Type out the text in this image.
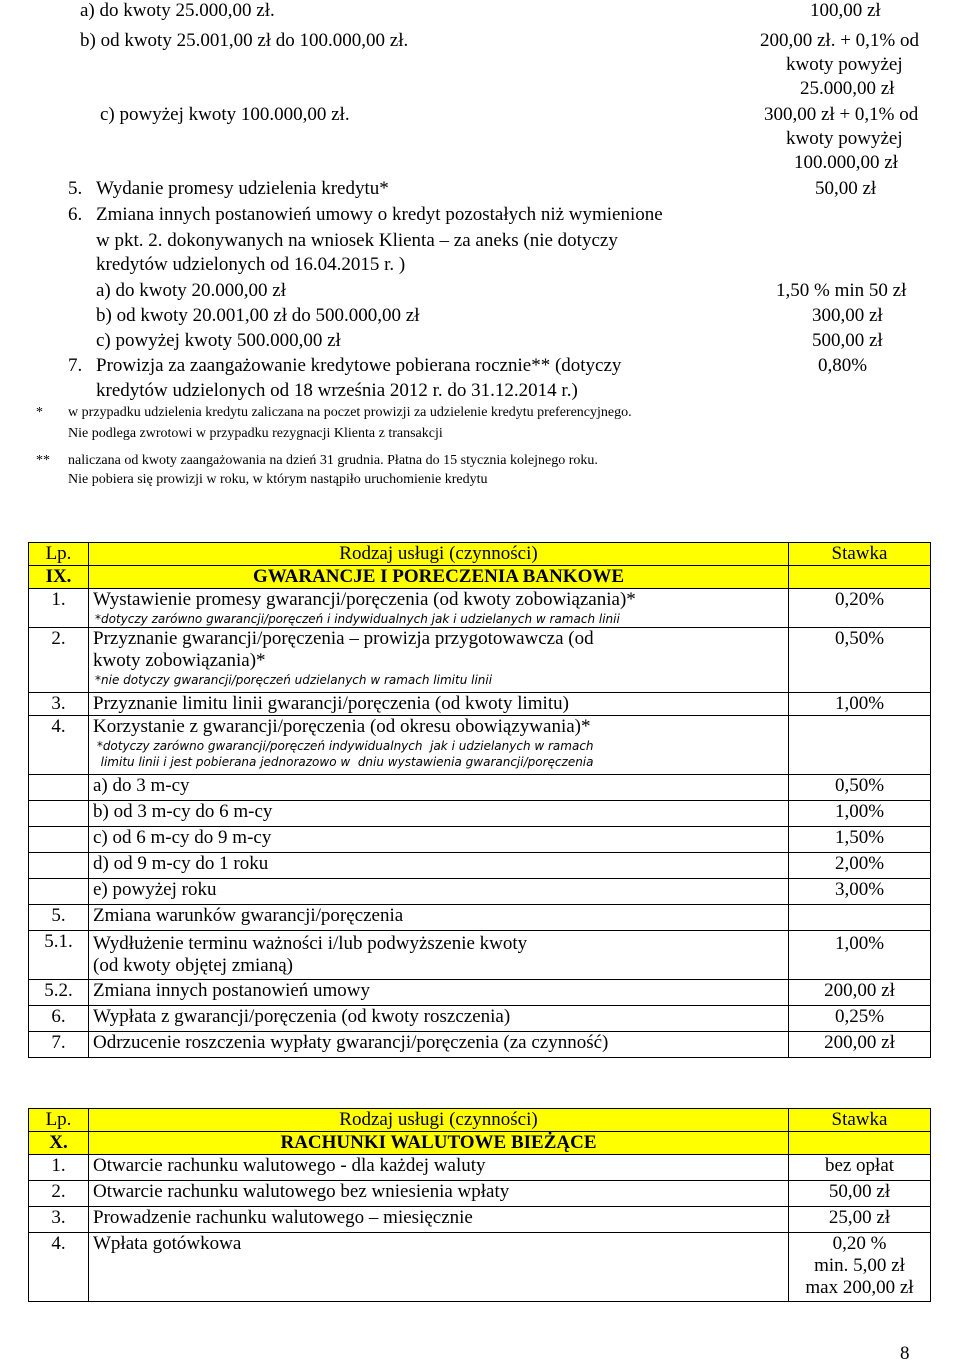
a) do kwoty 25.000,00 zł.	100,00 zł
b) od kwoty 25.001,00 zł do 100.000,00 zł.	200,00 zł. + 0,1% od
kwoty powyżej
25.000,00 zł
c) powyżej kwoty 100.000,00 zł.	300,00 zł + 0,1% od
kwoty powyżej
100.000,00 zł
5. Wydanie promesy udzielenia kredytu*	50,00 zł
6. Zmiana innych postanowień umowy o kredyt pozostałych niż wymienione
w pkt. 2. dokonywanych na wniosek Klienta – za aneks (nie dotyczy
kredytów udzielonych od 16.04.2015 r. )
a) do kwoty 20.000,00 zł	1,50 % min 50 zł
b) od kwoty 20.001,00 zł do 500.000,00 zł	300,00 zł
c) powyżej kwoty 500.000,00 zł	500,00 zł
7. Prowizja za zaangażowanie kredytowe pobierana rocznie** (dotyczy
kredytów udzielonych od 18 września 2012 r. do 31.12.2014 r.)
0,80%
* w przypadku udzielenia kredytu zaliczana na poczet prowizji za udzielenie kredytu preferencyjnego.
Nie podlega zwrotowi w przypadku rezygnacji Klienta z transakcji
** naliczana od kwoty zaangażowania na dzień 31 grudnia. Płatna do 15 stycznia kolejnego roku.
Nie pobiera się prowizji w roku, w którym nastąpiło uruchomienie kredytu
Lp.	Rodzaj usługi (czynności)	Stawka
IX.	GWARANCJE I PORECZENIA BANKOWE	
1.	Wystawienie promesy gwarancji/poręczenia (od kwoty zobowiązania)*
*dotyczy zarówno gwarancji/poręczeń i indywidualnych jak i udzielanych w ramach linii	0,20%
2.	Przyznanie gwarancji/poręczenia – prowizja przygotowawcza (od
kwoty zobowiązania)*
*nie dotyczy gwarancji/poręczeń udzielanych w ramach limitu linii	0,50%
3.	Przyznanie limitu linii gwarancji/poręczenia (od kwoty limitu)	1,00%
4.	Korzystanie z gwarancji/poręczenia (od okresu obowiązywania)*
*dotyczy zarówno gwarancji/poręczeń indywidualnych  jak i udzielanych w ramach
limitu linii i jest pobierana jednorazowo w  dniu wystawienia gwarancji/poręczenia	

	a) do 3 m-cy	0,50%
	b) od 3 m-cy do 6 m-cy	1,00%
	c) od 6 m-cy do 9 m-cy	1,50%
	d) od 9 m-cy do 1 roku	2,00%
	e) powyżej roku	3,00%
5.	Zmiana warunków gwarancji/poręczenia	
5.1.	Wydłużenie terminu ważności i/lub podwyższenie kwoty
(od kwoty objętej zmianą)	1,00%
5.2.	Zmiana innych postanowień umowy	200,00 zł
6.	Wypłata z gwarancji/poręczenia (od kwoty roszczenia)	0,25%
7.	Odrzucenie roszczenia wypłaty gwarancji/poręczenia (za czynność)	200,00 zł
Lp.	Rodzaj usługi (czynności)	Stawka
X.	RACHUNKI WALUTOWE BIEŻĄCE	
1.	Otwarcie rachunku walutowego - dla każdej waluty	bez opłat
2.	Otwarcie rachunku walutowego bez wniesienia wpłaty	50,00 zł
3.	Prowadzenie rachunku walutowego – miesięcznie	25,00 zł
4.	Wpłata gotówkowa	0,20 %
min. 5,00 zł
max 200,00 zł
8
